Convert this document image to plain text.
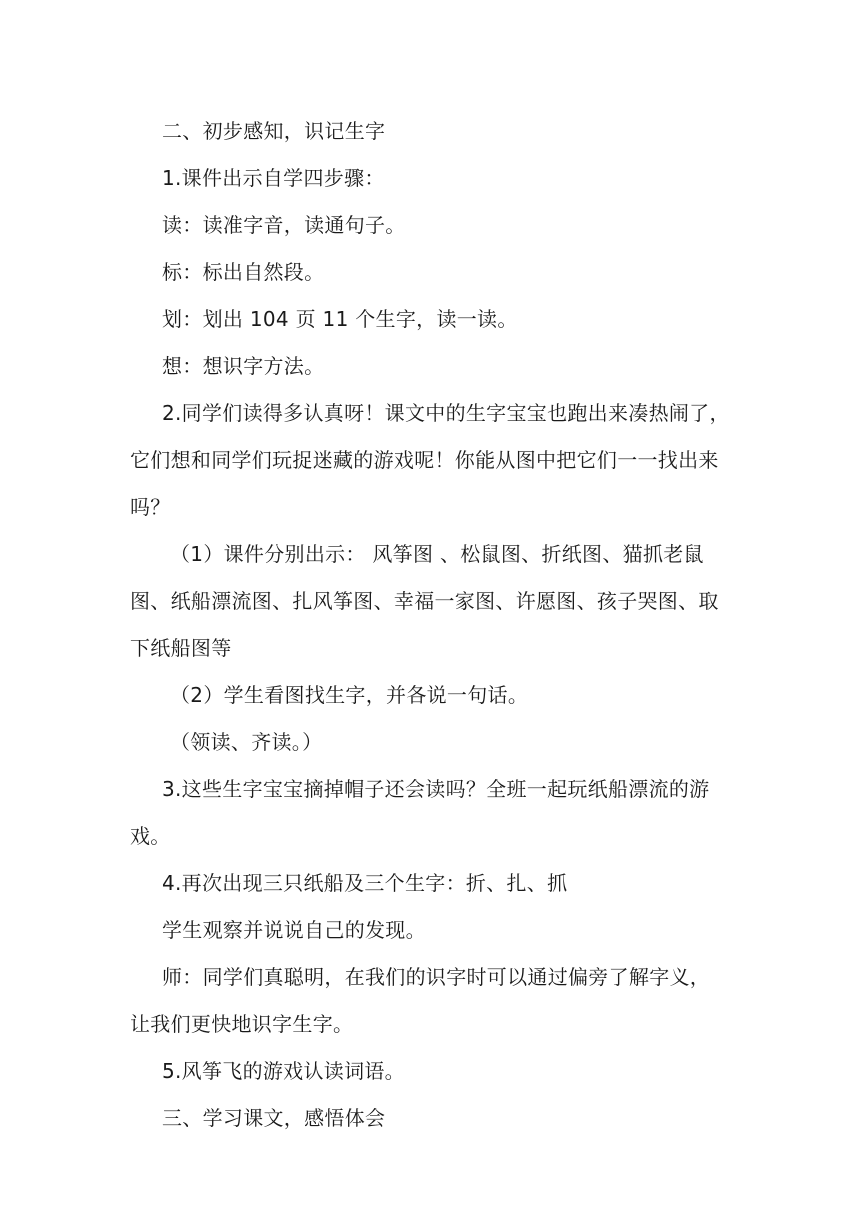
二、初步感知，识记生字

1.课件出示自学四步骤：

读：读准字音，读通句子。

标：标出自然段。

划：划出 104 页 11 个生字，读一读。

想：想识字方法。

2.同学们读得多认真呀！课文中的生字宝宝也跑出来凑热闹了，它们想和同学们玩捉迷藏的游戏呢！你能从图中把它们一一找出来吗？

（1）课件分别出示： 风筝图 、松鼠图、折纸图、猫抓老鼠图、纸船漂流图、扎风筝图、幸福一家图、许愿图、孩子哭图、取下纸船图等

（2）学生看图找生字，并各说一句话。

（领读、齐读。）

3.这些生字宝宝摘掉帽子还会读吗？全班一起玩纸船漂流的游戏。

4.再次出现三只纸船及三个生字：折、扎、抓

学生观察并说说自己的发现。

师：同学们真聪明，在我们的识字时可以通过偏旁了解字义，让我们更快地识字生字。

5.风筝飞的游戏认读词语。

三、学习课文，感悟体会
